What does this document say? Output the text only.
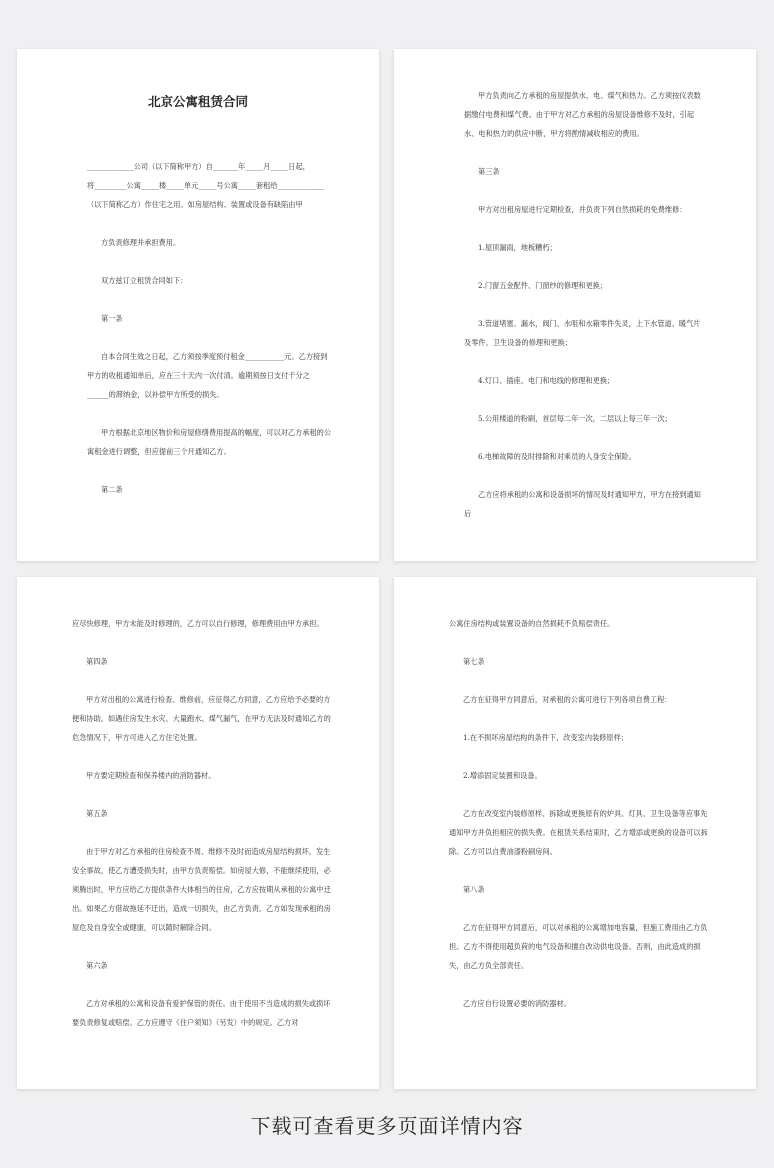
北京公寓租赁合同

_____________公司（以下简称甲方）自_______年_____月_____日起，

将_________公寓_____楼_____单元_____号公寓_____套租给_____________

（以下简称乙方）作住宅之用。如房屋结构、装置或设备有缺陷由甲

方负责修理并承担费用。

双方兹订立租赁合同如下：

第一条

自本合同生效之日起，乙方须按季度预付租金___________元。乙方接到甲方的收租通知单后，应在三十天内一次付清。逾期须按日支付千分之______的滞纳金，以补偿甲方所受的损失。

甲方根据北京地区物价和房屋修缮费用提高的幅度，可以对乙方承租的公寓租金进行调整，但应提前三个月通知乙方。

第二条

甲方负责向乙方承租的房屋提供水、电、煤气和热力。乙方须按仪表数据缴付电费和煤气费。由于甲方对乙方承租的房屋设备维修不及时，引起水、电和热力的供应中断，甲方将酌情减收相应的费用。

第三条

甲方对出租房屋进行定期检查，并负责下列自然损耗的免费维修：

1.屋顶漏雨，地板糟朽；

2.门窗五金配件、门窗纱的修理和更换；

3.管道堵塞、漏水，阀门、水咀和水箱零件失灵，上下水管道、暖气片及零件、卫生设备的修理和更换；

4.灯口、插座、电门和电线的修理和更换；

5.公用楼道的粉刷，首层每二年一次，二层以上每三年一次；

6.电梯故障的及时排除和对乘员的人身安全保险。

乙方应将承租的公寓和设备损坏的情况及时通知甲方，甲方在接到通知后

应尽快修理，甲方未能及时修理的，乙方可以自行修理，修理费用由甲方承担。

第四条

甲方对出租的公寓进行检查、维修前，应征得乙方同意，乙方应给予必要的方便和协助。如遇住房发生水灾、大量跑水、煤气漏气，在甲方无法及时通知乙方的危急情况下，甲方可进入乙方住宅处置。

甲方要定期检查和保养楼内的消防器材。

第五条

由于甲方对乙方承租的住房检查不周、维修不及时而造成房屋结构损坏，发生安全事故，使乙方遭受损失时，由甲方负责赔偿。如房屋大修，不能继续使用，必须腾出时，甲方应给乙方提供条件大体相当的住房，乙方应按期从承租的公寓中迁出。如果乙方借故拖延不迁出，造成一切损失，由乙方负责。乙方如发现承租的房屋危及自身安全或健康，可以随时解除合同。

第六条

乙方对承租的公寓和设备有爱护保管的责任。由于使用不当造成的损失或损坏要负责修复或赔偿。乙方应遵守《住户须知》（另发）中的规定。乙方对

公寓住房结构或装置设备的自然损耗不负赔偿责任。

第七条

乙方在征得甲方同意后，对承租的公寓可进行下列各项自费工程：

1.在不损坏房屋结构的条件下，改变室内装修原样；

2.增添固定装置和设备。

乙方在改变室内装修原样、拆除或更换原有的炉具、灯具、卫生设备等应事先通知甲方并负担相应的损失费。在租赁关系结束时，乙方增添或更换的设备可以拆除。乙方可以自费油漆粉刷房间。

第八条

乙方在征得甲方同意后，可以对承租的公寓增加电容量，但施工费用由乙方负担。乙方不得使用超负荷的电气设备和擅自改动供电设备。否则，由此造成的损失，由乙方负全部责任。

乙方应自行设置必要的消防器材。

下载可查看更多页面详情内容
